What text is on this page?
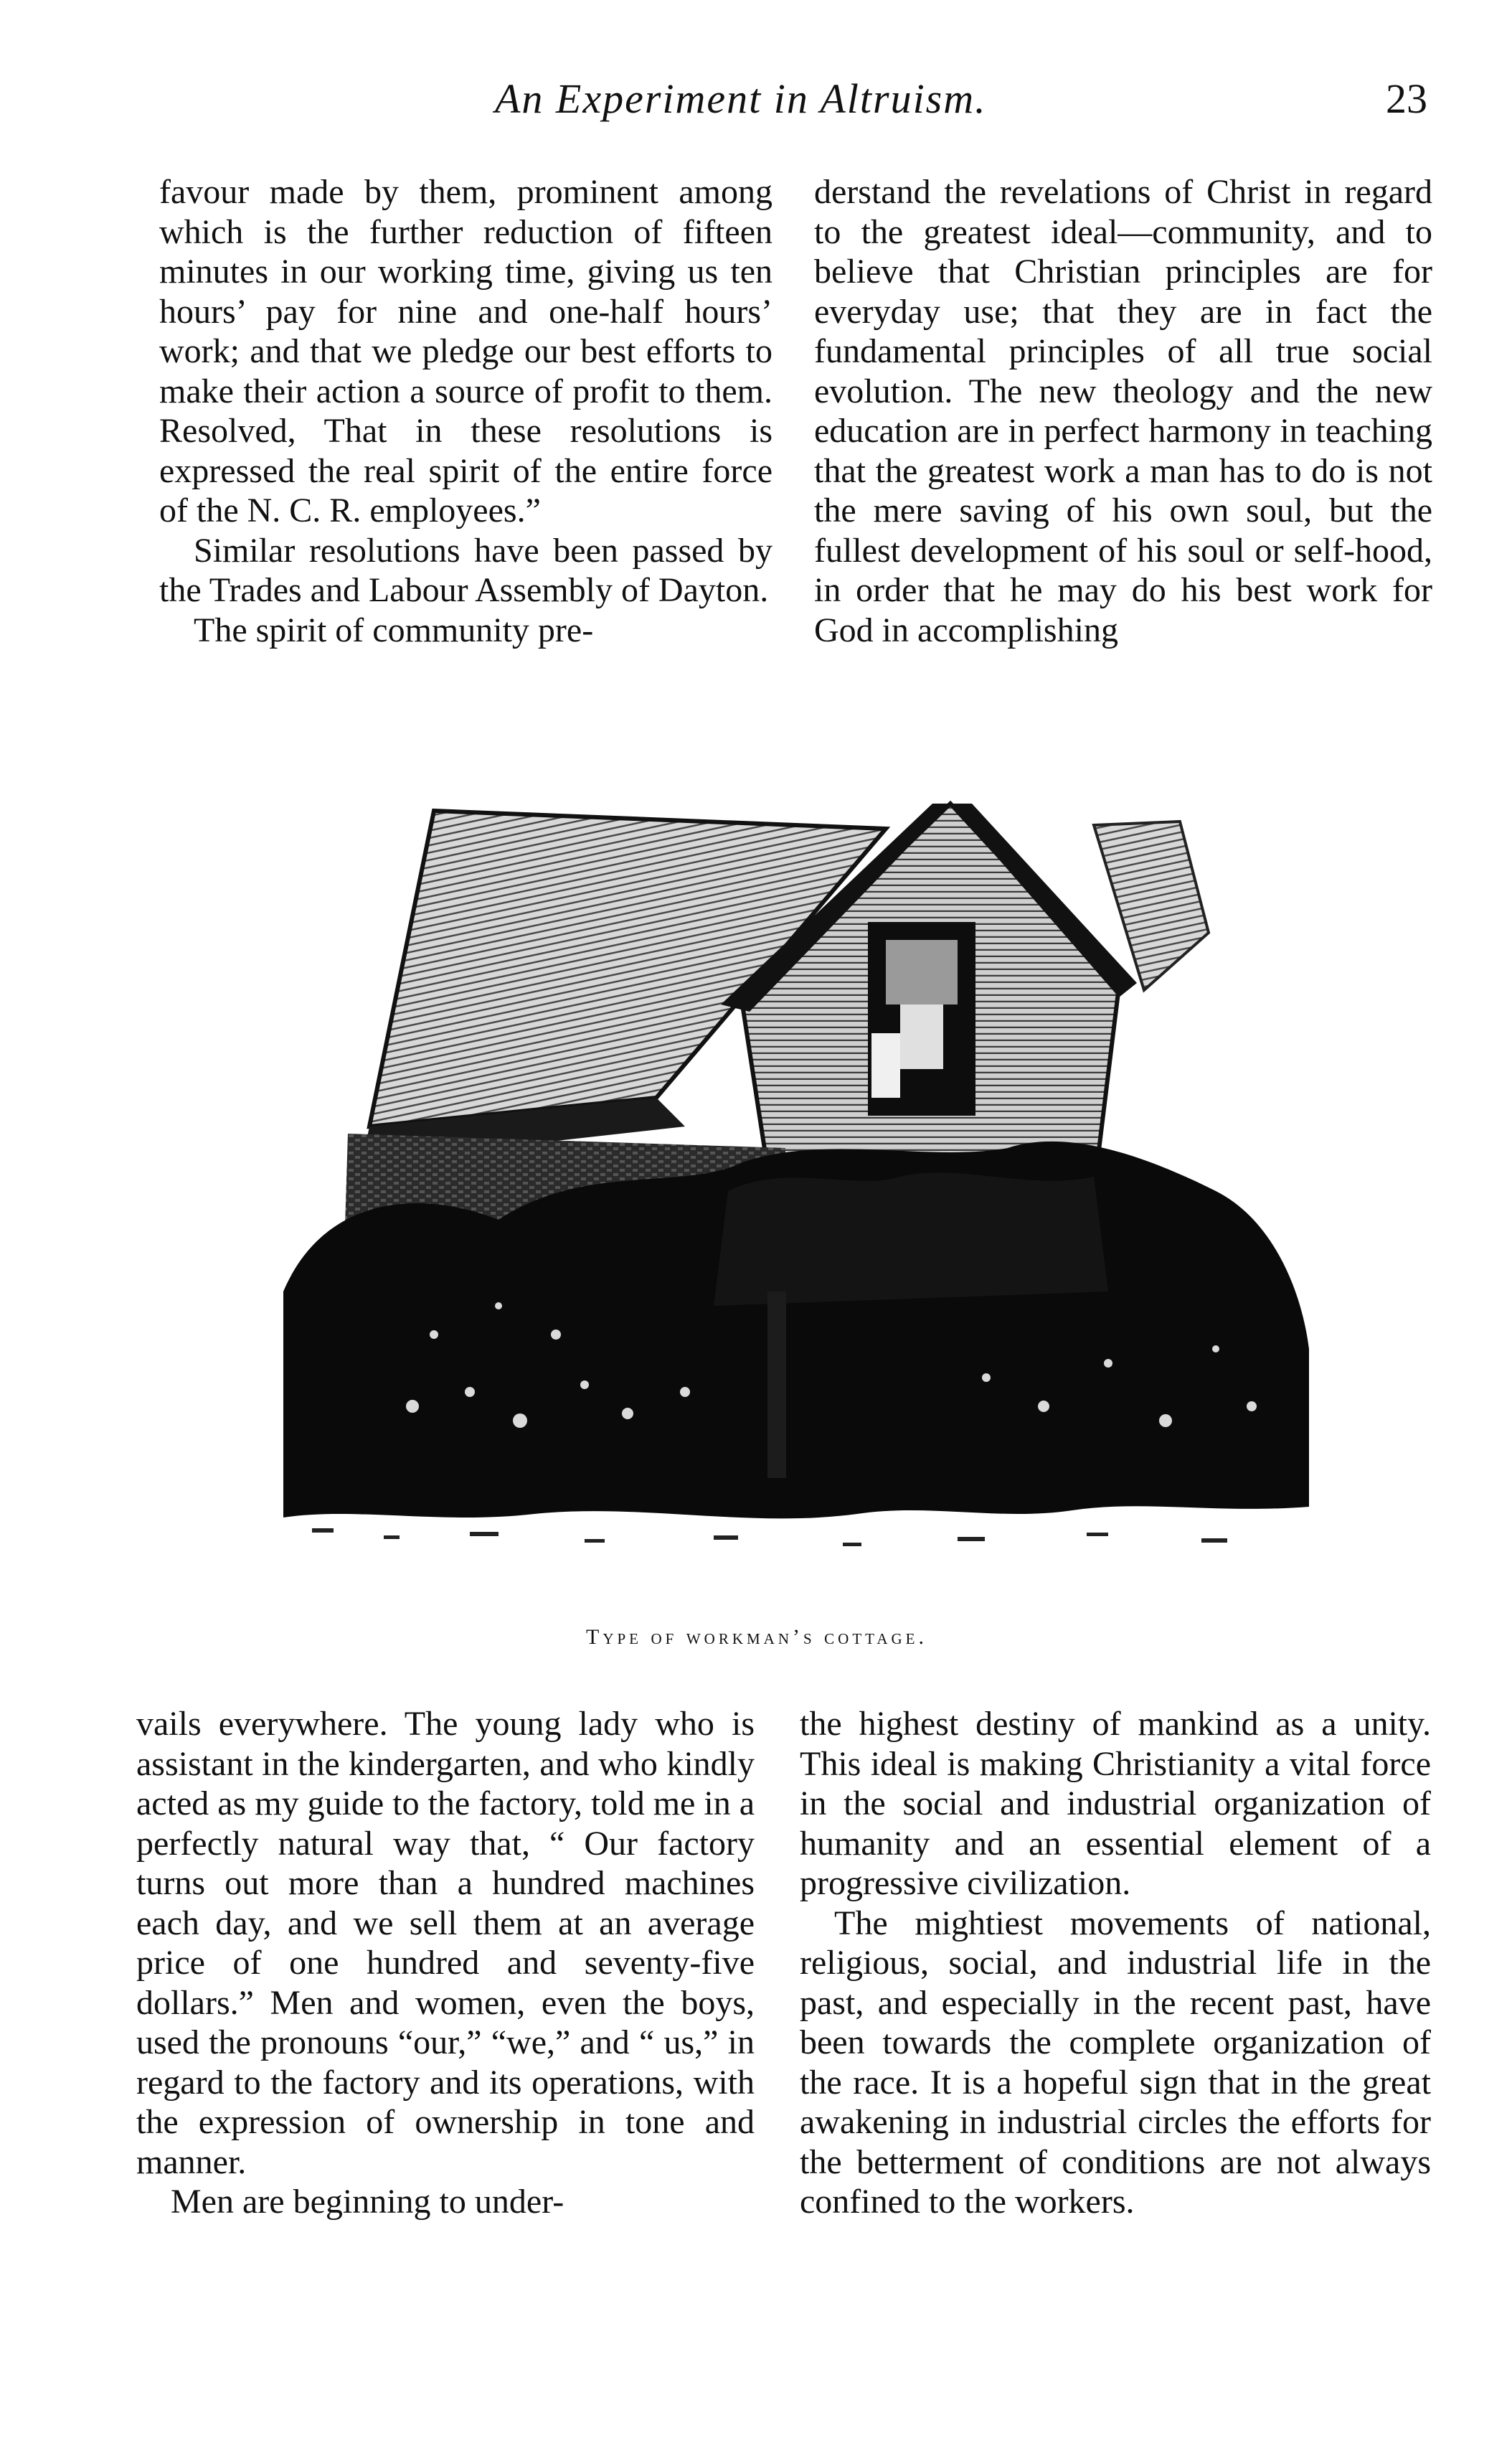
An Experiment in Altruism.	23

favour made by them, prominent among which is the further reduction of fifteen minutes in our working time, giving us ten hours’ pay for nine and one-half hours’ work; and that we pledge our best efforts to make their action a source of profit to them. Resolved, That in these resolutions is expressed the real spirit of the entire force of the N. C. R. employees.”

Similar resolutions have been passed by the Trades and Labour Assembly of Dayton.

The spirit of community pre-

derstand the revelations of Christ in regard to the greatest ideal—community, and to believe that Christian principles are for everyday use; that they are in fact the fundamental principles of all true social evolution. The new theology and the new education are in perfect harmony in teaching that the greatest work a man has to do is not the mere saving of his own soul, but the fullest development of his soul or self-hood, in order that he may do his best work for God in accomplishing

Type of workman’s cottage.

vails everywhere. The young lady who is assistant in the kindergarten, and who kindly acted as my guide to the factory, told me in a perfectly natural way that, “ Our factory turns out more than a hundred machines each day, and we sell them at an average price of one hundred and seventy-five dollars.” Men and women, even the boys, used the pronouns “our,” “we,” and “ us,” in regard to the factory and its operations, with the expression of ownership in tone and manner.

Men are beginning to under-

the highest destiny of mankind as a unity. This ideal is making Christianity a vital force in the social and industrial organization of humanity and an essential element of a progressive civilization.

The mightiest movements of national, religious, social, and industrial life in the past, and especially in the recent past, have been towards the complete organization of the race. It is a hopeful sign that in the great awakening in industrial circles the efforts for the betterment of conditions are not always confined to the workers.
